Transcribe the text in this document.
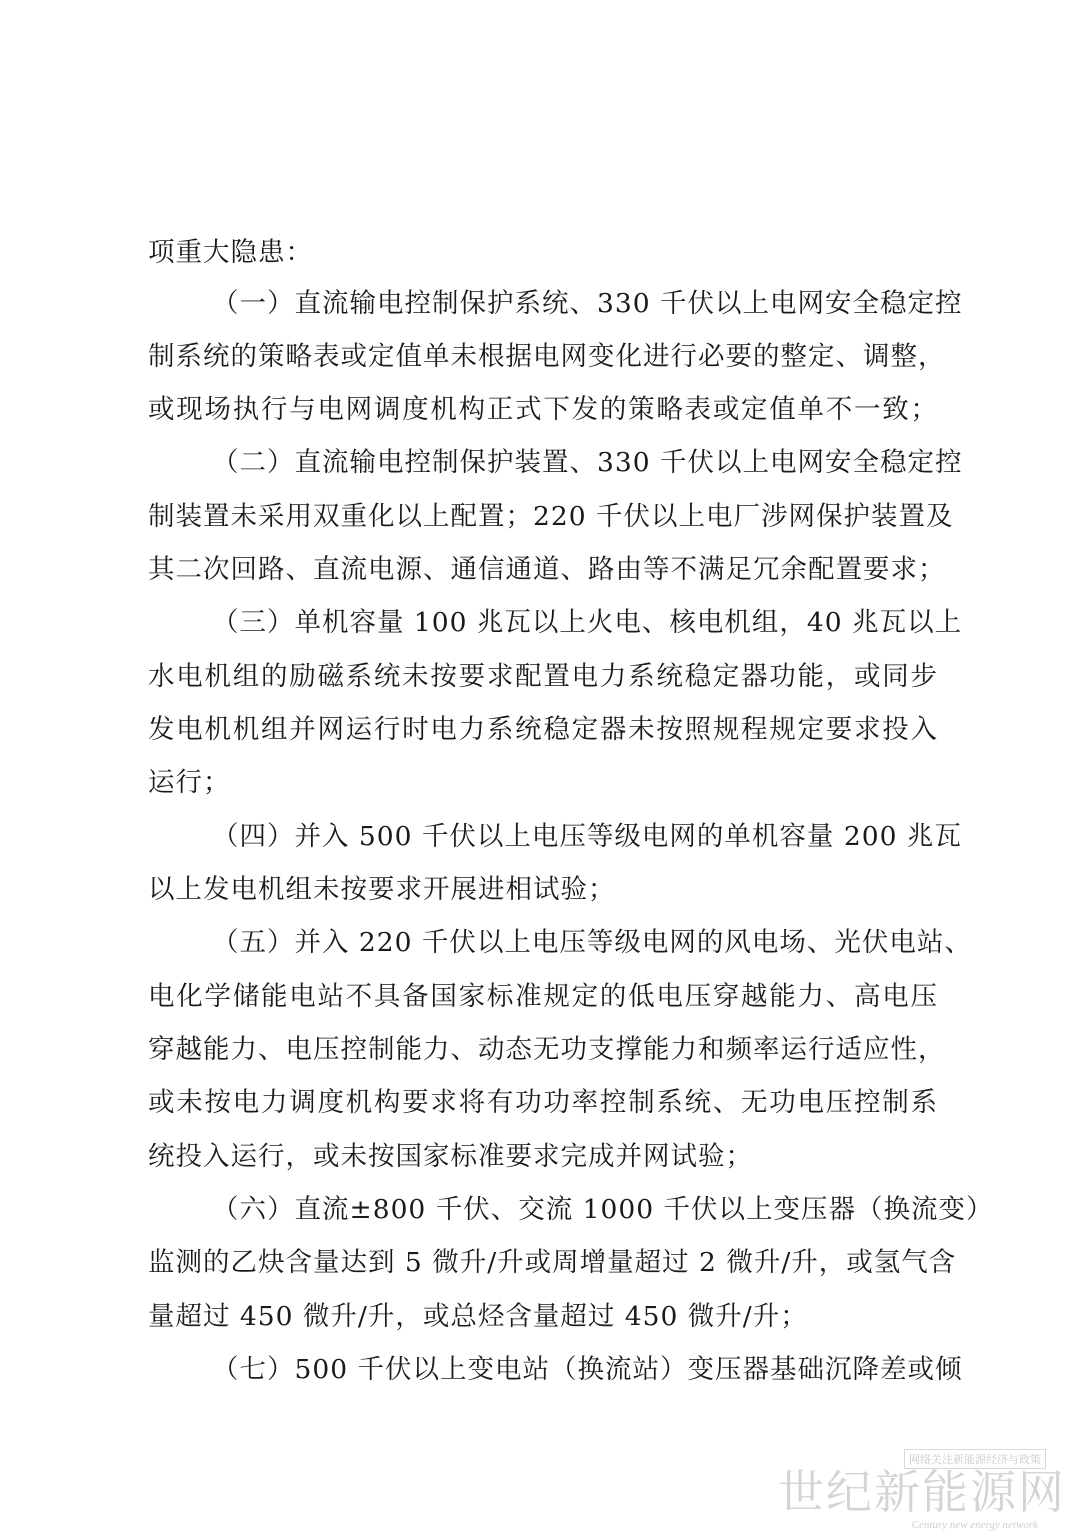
项重大隐患：
（一）直流输电控制保护系统、330 千伏以上电网安全稳定控
制系统的策略表或定值单未根据电网变化进行必要的整定、调整，
或现场执行与电网调度机构正式下发的策略表或定值单不一致；
（二）直流输电控制保护装置、330 千伏以上电网安全稳定控
制装置未采用双重化以上配置；220 千伏以上电厂涉网保护装置及
其二次回路、直流电源、通信通道、路由等不满足冗余配置要求；
（三）单机容量 100 兆瓦以上火电、核电机组，40 兆瓦以上
水电机组的励磁系统未按要求配置电力系统稳定器功能，或同步
发电机机组并网运行时电力系统稳定器未按照规程规定要求投入
运行；
（四）并入 500 千伏以上电压等级电网的单机容量 200 兆瓦
以上发电机组未按要求开展进相试验；
（五）并入 220 千伏以上电压等级电网的风电场、光伏电站、
电化学储能电站不具备国家标准规定的低电压穿越能力、高电压
穿越能力、电压控制能力、动态无功支撑能力和频率运行适应性，
或未按电力调度机构要求将有功功率控制系统、无功电压控制系
统投入运行，或未按国家标准要求完成并网试验；
（六）直流±800 千伏、交流 1000 千伏以上变压器（换流变）
监测的乙炔含量达到 5 微升/升或周增量超过 2 微升/升，或氢气含
量超过 450 微升/升，或总烃含量超过 450 微升/升；
（七）500 千伏以上变电站（换流站）变压器基础沉降差或倾
网络关注新能源经济与政策
世纪新能源网
Century new energy network
